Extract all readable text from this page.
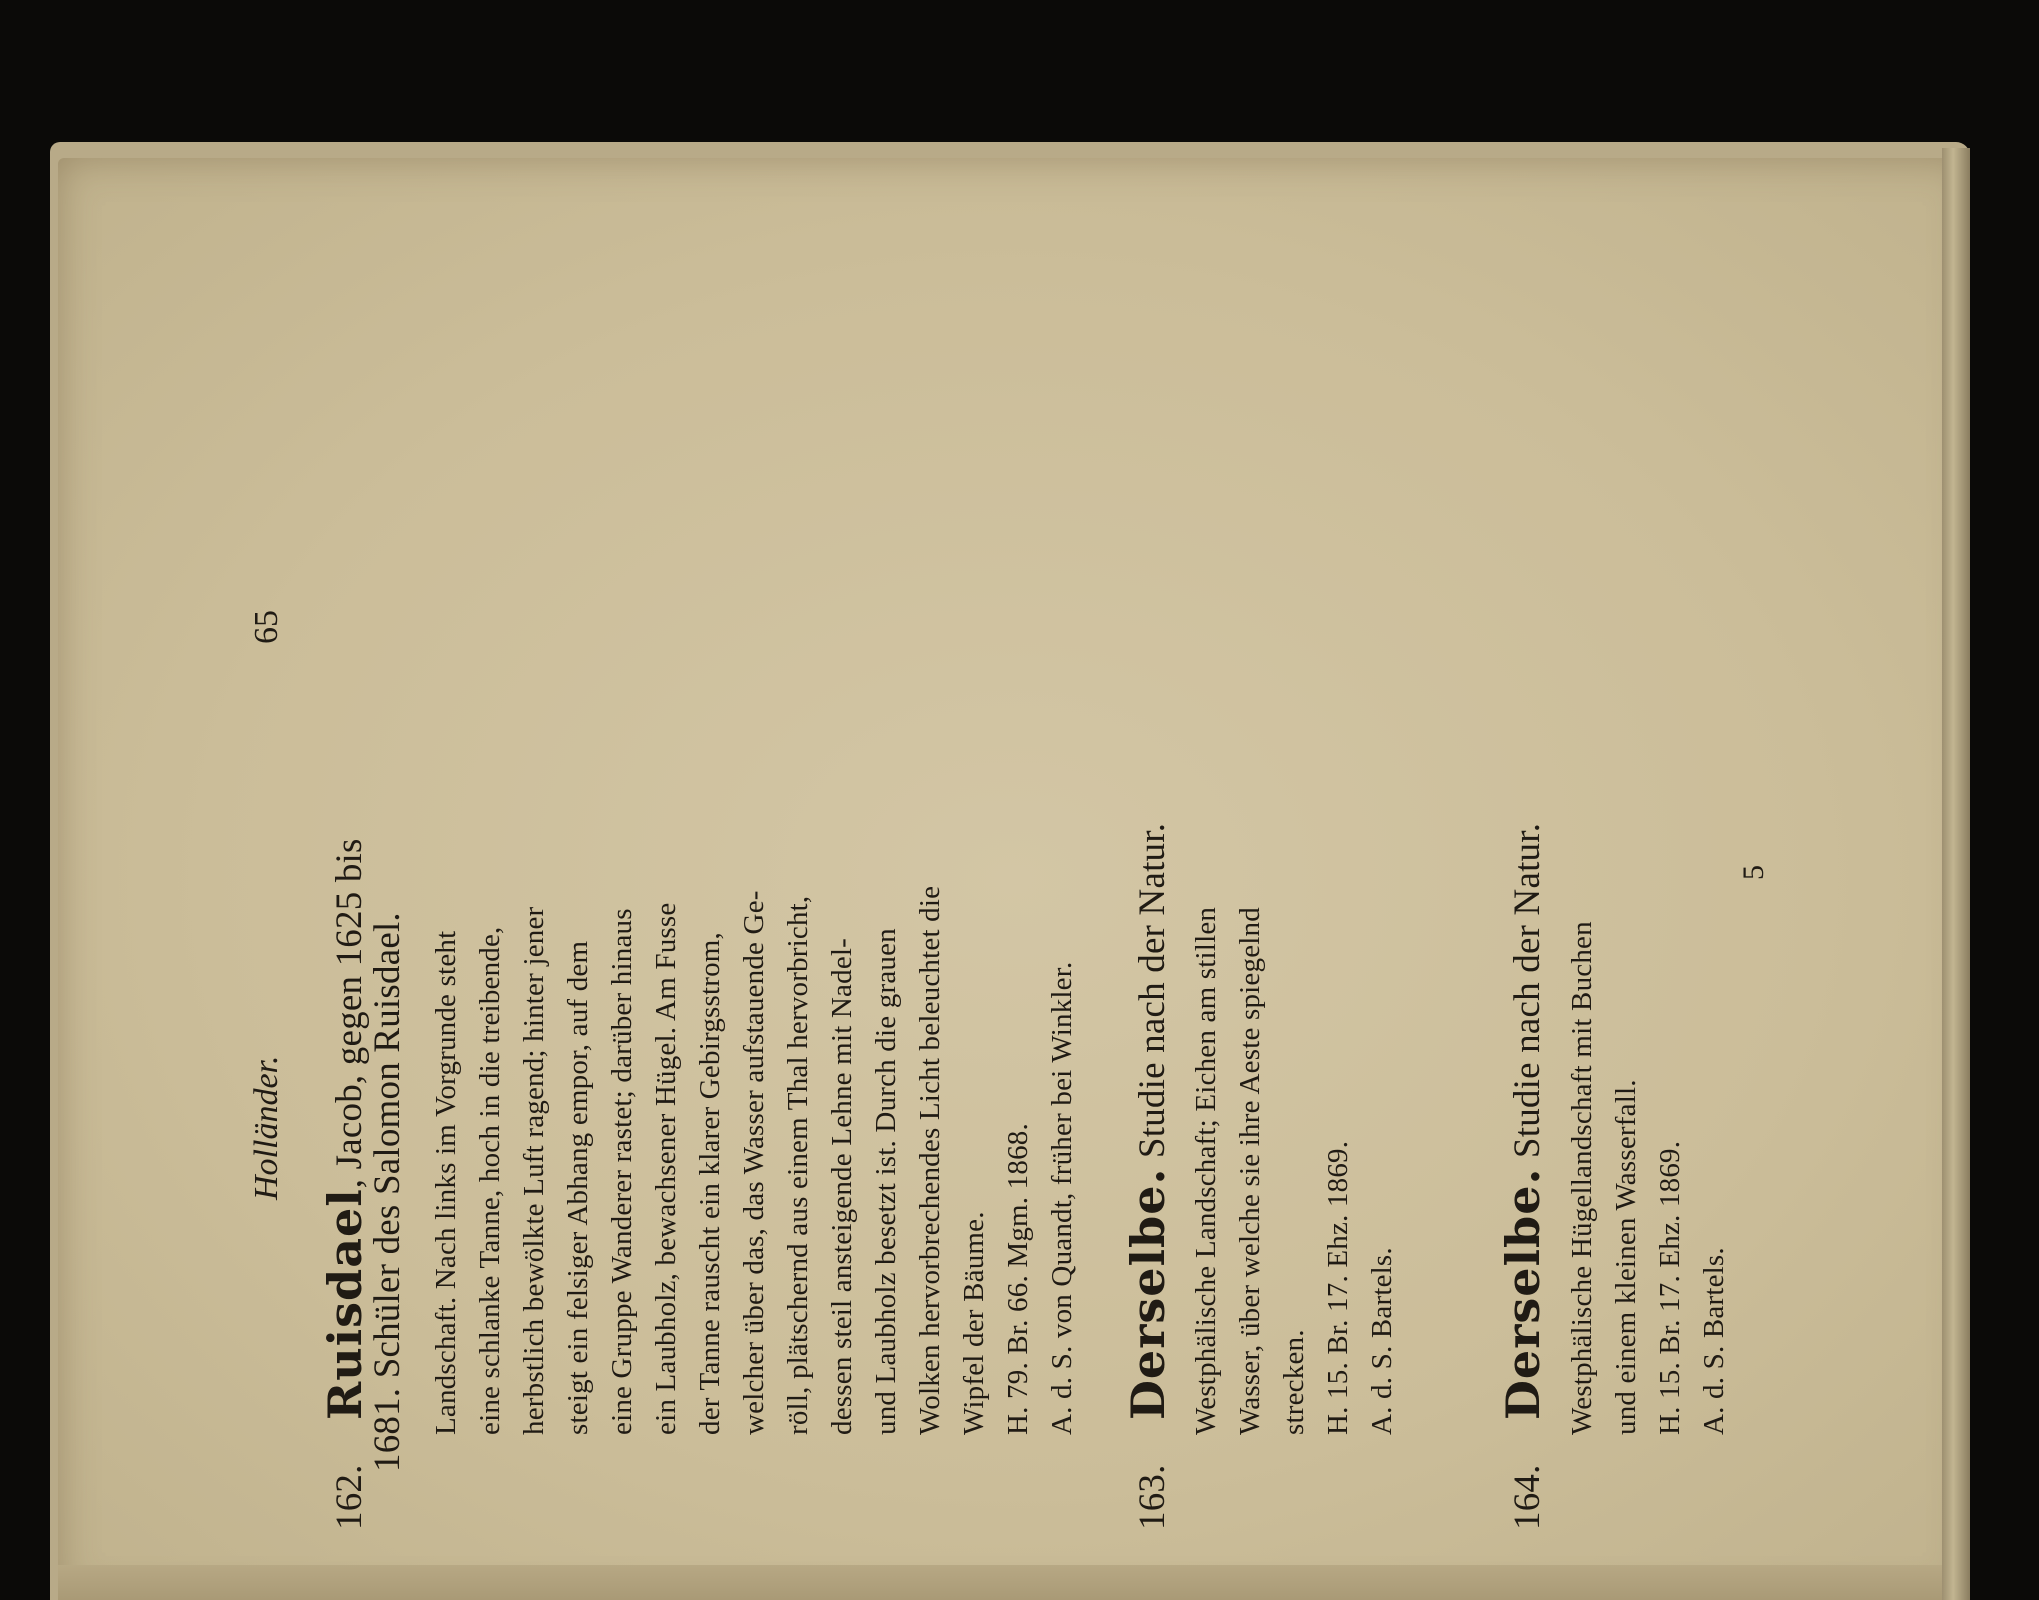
Holländer.
65
162.Ruisdael, Jacob, gegen 1625 bis
1681. Schüler des Salomon Ruisdael. Landschaft. Nach links im Vorgrunde steht eine schlanke Tanne, hoch in die treibende, herbstlich bewölkte Luft ragend; hinter jener steigt ein felsiger Abhang empor, auf dem eine Gruppe Wanderer rastet; darüber hinaus ein Laubholz, bewachsener Hügel. Am Fusse der Tanne rauscht ein klarer Gebirgsstrom, welcher über das, das Wasser aufstauende Ge- röll, plätschernd aus einem Thal hervorbricht, dessen steil ansteigende Lehne mit Nadel- und Laubholz besetzt ist. Durch die grauen Wolken hervorbrechendes Licht beleuchtet die Wipfel der Bäume. H. 79. Br. 66. Mgm. 1868. A. d. S. von Quandt, früher bei Winkler.
163.Derselbe. Studie nach der Natur. Westphälische Landschaft; Eichen am stillen Wasser, über welche sie ihre Aeste spiegelnd strecken. H. 15. Br. 17. Ehz. 1869. A. d. S. Bartels.
164.Derselbe. Studie nach der Natur. Westphälische Hügellandschaft mit Buchen und einem kleinen Wasserfall. H. 15. Br. 17. Ehz. 1869. A. d. S. Bartels.
5
